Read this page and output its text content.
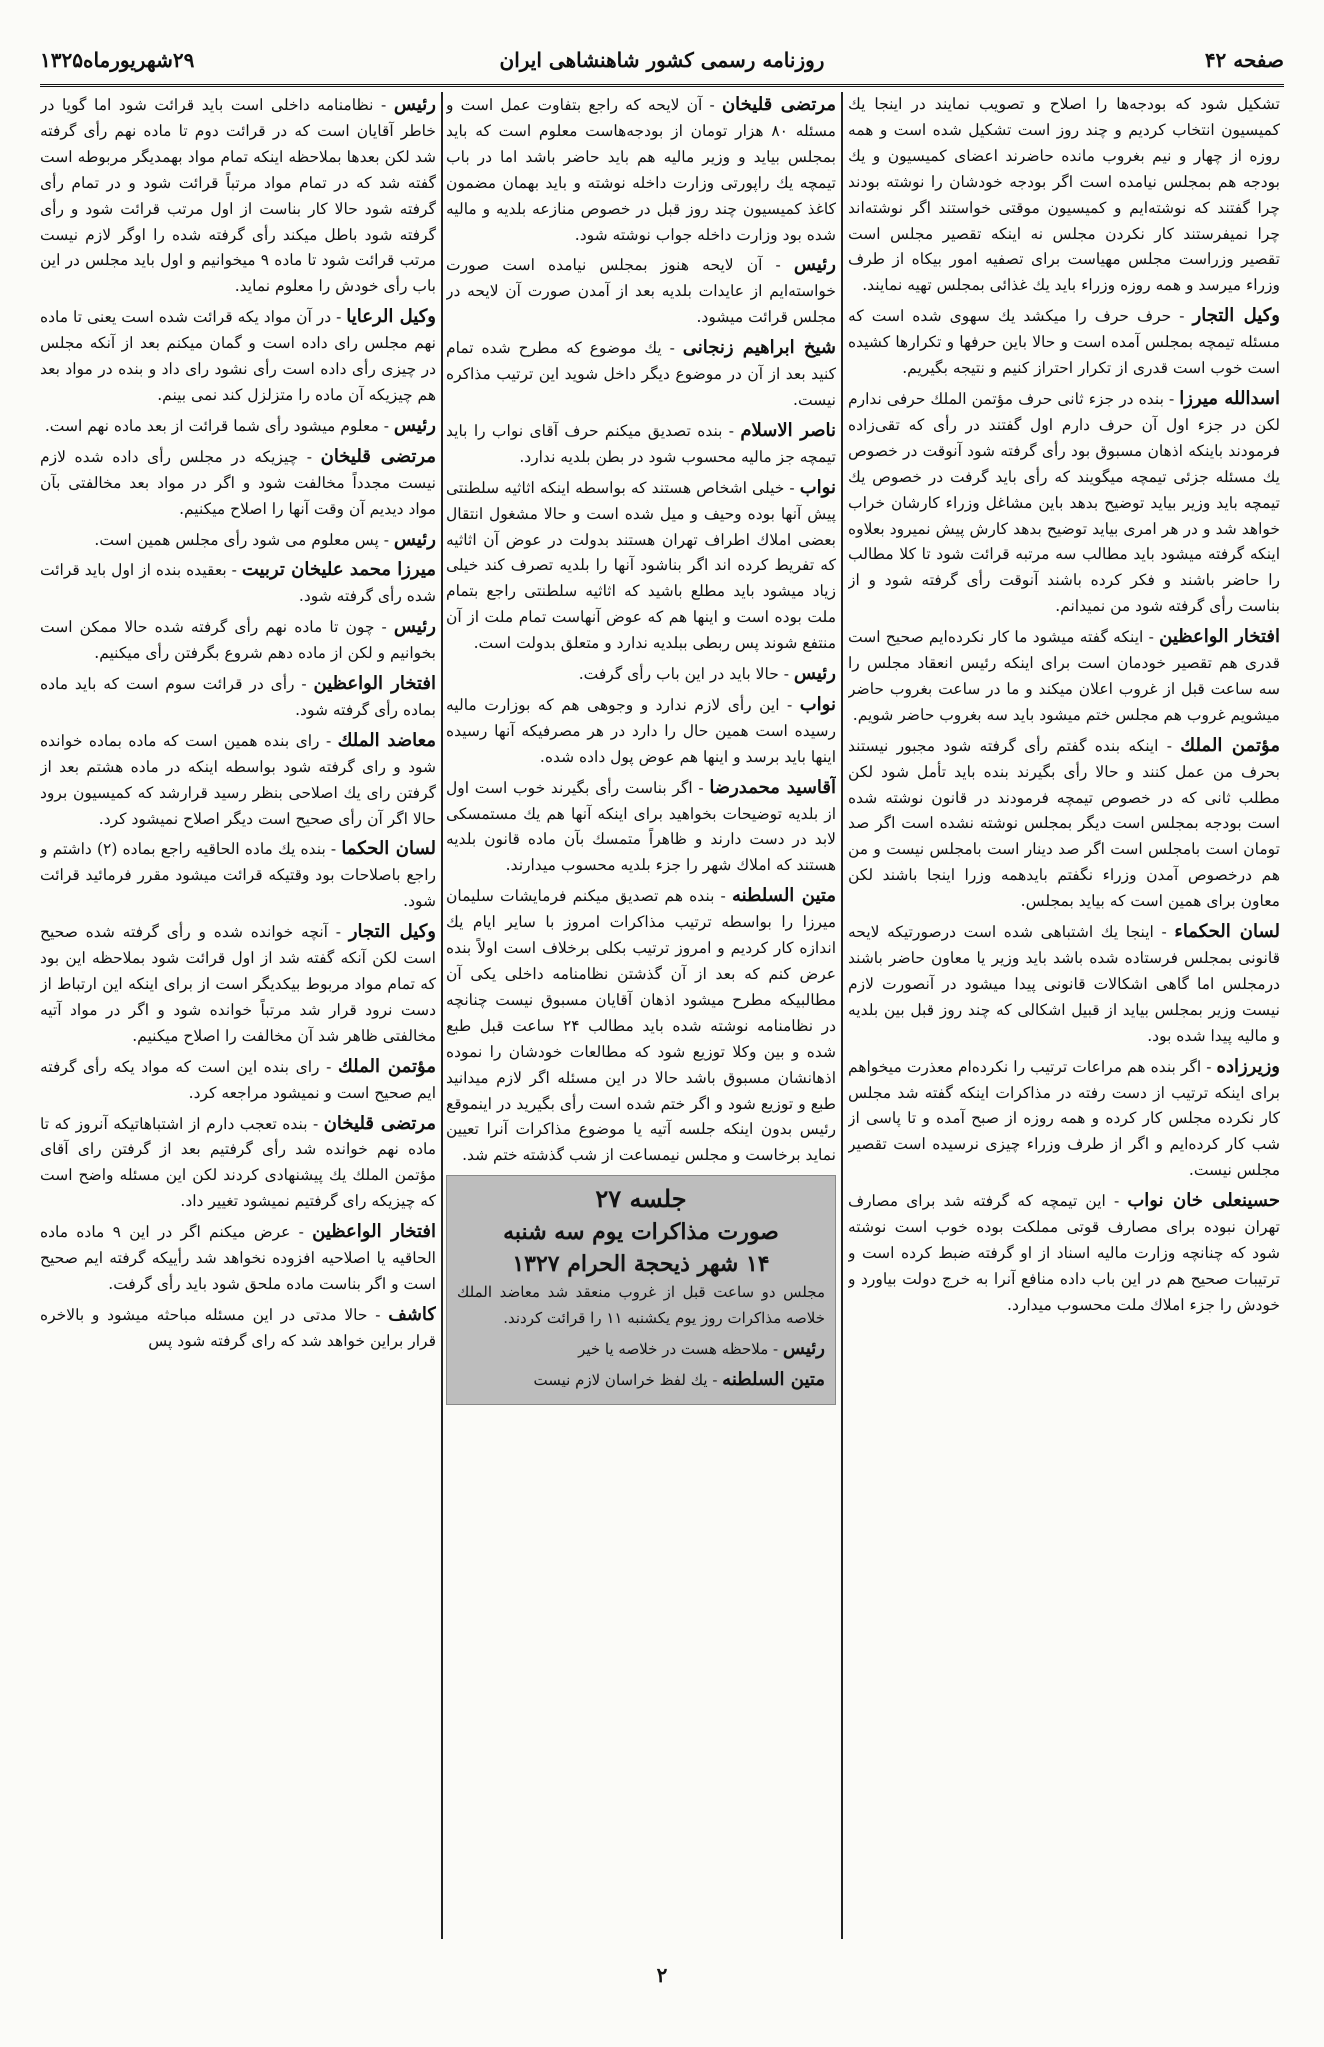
صفحه ۴۲
روزنامه رسمی کشور شاهنشاهی ایران
۲۹شهریورماه۱۳۲۵

تشکیل شود که بودجه‌ها را اصلاح و تصویب نمایند در اینجا یك کمیسیون انتخاب کردیم و چند روز است تشکیل شده است و همه روزه از چهار و نیم بغروب مانده حاضرند اعضای کمیسیون و یك بودجه هم بمجلس نیامده است اگر بودجه خودشان را نوشته بودند چرا گفتند که نوشته‌ایم و کمیسیون موقتی خواستند اگر نوشته‌اند چرا نمیفرستند کار نکردن مجلس نه اینکه تقصیر مجلس است تقصیر وزراست مجلس مهیاست برای تصفیه امور بیکاه از طرف وزراء میرسد و همه روزه وزراء باید یك غذائی بمجلس تهیه نمایند.

وکیل التجار - حرف حرف را میکشد یك سهوی شده است که مسئله تیمچه بمجلس آمده است و حالا باین حرفها و تکرارها کشیده است خوب است قدری از تکرار احتراز کنیم و نتیجه بگیریم.

اسدالله میرزا - بنده در جزء ثانی حرف مؤتمن الملك حرفی ندارم لکن در جزء اول آن حرف دارم اول گفتند در رأی که تقی‌زاده فرمودند باینکه اذهان مسبوق بود رأی گرفته شود آنوقت در خصوص یك مسئله جزئی تیمچه میگویند که رأی باید گرفت در خصوص یك تیمچه باید وزیر بیاید توضیح بدهد باین مشاغل وزراء کارشان خراب خواهد شد و در هر امری بیاید توضیح بدهد کارش پیش نمیرود بعلاوه اینکه گرفته میشود باید مطالب سه مرتبه قرائت شود تا کلا مطالب را حاضر باشند و فکر کرده باشند آنوقت رأی گرفته شود و از بناست رأی گرفته شود من نمیدانم.

افتخار الواعظین - اینکه گفته میشود ما کار نکرده‌ایم صحیح است قدری هم تقصیر خودمان است برای اینکه رئیس انعقاد مجلس را سه ساعت قبل از غروب اعلان میکند و ما در ساعت بغروب حاضر میشویم غروب هم مجلس ختم میشود باید سه بغروب حاضر شویم.

مؤتمن الملك - اینکه بنده گفتم رأی گرفته شود مجبور نیستند بحرف من عمل کنند و حالا رأی بگیرند بنده باید تأمل شود لکن مطلب ثانی که در خصوص تیمچه فرمودند در قانون نوشته شده است بودجه بمجلس است دیگر بمجلس نوشته نشده است اگر صد تومان است بامجلس است اگر صد دینار است بامجلس نیست و من هم درخصوص آمدن وزراء نگفتم بایدهمه وزرا اینجا باشند لکن معاون برای همین است که بیاید بمجلس.

لسان الحکماء - اینجا یك اشتباهی شده است درصورتیکه لایحه قانونی بمجلس فرستاده شده باشد باید وزیر یا معاون حاضر باشند درمجلس اما گاهی اشکالات قانونی پیدا میشود در آنصورت لازم نیست وزیر بمجلس بیاید از قبیل اشکالی که چند روز قبل بین بلدیه و مالیه پیدا شده بود.

وزیرزاده - اگر بنده هم مراعات ترتیب را نکرده‌ام معذرت میخواهم برای اینکه ترتیب از دست رفته در مذاکرات اینکه گفته شد مجلس کار نکرده مجلس کار کرده و همه روزه از صبح آمده و تا پاسی از شب کار کرده‌ایم و اگر از طرف وزراء چیزی نرسیده است تقصیر مجلس نیست.

حسینعلی خان نواب - این تیمچه که گرفته شد برای مصارف تهران نبوده برای مصارف قوتی مملکت بوده خوب است نوشته شود که چنانچه وزارت مالیه اسناد از او گرفته ضبط کرده است و ترتیبات صحیح هم در این باب داده منافع آنرا به خرج دولت بیاورد و خودش را جزء املاك ملت محسوب میدارد.

مرتضی قلیخان - آن لایحه که راجع بتفاوت عمل است و مسئله ۸۰ هزار تومان از بودجه‌هاست معلوم است که باید بمجلس بیاید و وزیر مالیه هم باید حاضر باشد اما در باب تیمچه یك راپورتی وزارت داخله نوشته و باید بهمان مضمون کاغذ کمیسیون چند روز قبل در خصوص منازعه بلدیه و مالیه شده بود وزارت داخله جواب نوشته شود.

رئیس - آن لایحه هنوز بمجلس نیامده است صورت خواسته‌ایم از عایدات بلدیه بعد از آمدن صورت آن لایحه در مجلس قرائت میشود.

شیخ ابراهیم زنجانی - یك موضوع که مطرح شده تمام کنید بعد از آن در موضوع دیگر داخل شوید این ترتیب مذاکره نیست.

ناصر الاسلام - بنده تصدیق میکنم حرف آقای نواب را باید تیمچه جز مالیه محسوب شود در بطن بلدیه ندارد.

نواب - خیلی اشخاص هستند که بواسطه اینکه اثاثیه سلطنتی پیش آنها بوده وحیف و میل شده است و حالا مشغول انتقال بعضی املاك اطراف تهران هستند بدولت در عوض آن اثاثیه که تفریط کرده اند اگر بناشود آنها را بلدیه تصرف کند خیلی زیاد میشود باید مطلع باشید که اثاثیه سلطنتی راجع بتمام ملت بوده است و اینها هم که عوض آنهاست تمام ملت از آن منتفع شوند پس ربطی ببلدیه ندارد و متعلق بدولت است.

رئیس - حالا باید در این باب رأی گرفت.

نواب - این رأی لازم ندارد و وجوهی هم که بوزارت مالیه رسیده است همین حال را دارد در هر مصرفیکه آنها رسیده اینها باید برسد و اینها هم عوض پول داده شده.

آقاسید محمدرضا - اگر بناست رأی بگیرند خوب است اول از بلدیه توضیحات بخواهید برای اینکه آنها هم یك مستمسکی لابد در دست دارند و ظاهراً متمسك بآن ماده قانون بلدیه هستند که املاك شهر را جزء بلدیه محسوب میدارند.

متین السلطنه - بنده هم تصدیق میکنم فرمایشات سلیمان میرزا را بواسطه ترتیب مذاکرات امروز با سایر ایام یك اندازه کار کردیم و امروز ترتیب بکلی برخلاف است اولاً بنده عرض کنم که بعد از آن گذشتن نظامنامه داخلی یکی آن مطالبیکه مطرح میشود اذهان آقایان مسبوق نیست چنانچه در نظامنامه نوشته شده باید مطالب ۲۴ ساعت قبل طبع شده و بین وکلا توزیع شود که مطالعات خودشان را نموده اذهانشان مسبوق باشد حالا در این مسئله اگر لازم میدانید طبع و توزیع شود و اگر ختم شده است رأی بگیرید در اینموقع رئیس بدون اینکه جلسه آتیه یا موضوع مذاکرات آنرا تعیین نماید برخاست و مجلس نیمساعت از شب گذشته ختم شد.

جلسه ۲۷
صورت مذاکرات یوم سه شنبه
۱۴ شهر ذیحجة الحرام ۱۳۲۷

مجلس دو ساعت قبل از غروب منعقد شد معاضد الملك خلاصه مذاکرات روز یوم یکشنبه ۱۱ را قرائت کردند.

رئیس - ملاحظه هست در خلاصه یا خیر

متین السلطنه - یك لفظ خراسان لازم نیست

رئیس - نظامنامه داخلی است باید قرائت شود اما گویا در خاطر آقایان است که در قرائت دوم تا ماده نهم رأی گرفته شد لکن بعدها بملاحظه اینکه تمام مواد بهمدیگر مربوطه است گفته شد که در تمام مواد مرتباً قرائت شود و در تمام رأی گرفته شود حالا کار بناست از اول مرتب قرائت شود و رأی گرفته شود باطل میکند رأی گرفته شده را اوگر لازم نیست مرتب قرائت شود تا ماده ۹ میخوانیم و اول باید مجلس در این باب رأی خودش را معلوم نماید.

وکیل الرعایا - در آن مواد یکه قرائت شده است یعنی تا ماده نهم مجلس رای داده است و گمان میکنم بعد از آنکه مجلس در چیزی رأی داده است رأی نشود رای داد و بنده در مواد بعد هم چیزیکه آن ماده را متزلزل کند نمی بینم.

رئیس - معلوم میشود رأی شما قرائت از بعد ماده نهم است.

مرتضی قلیخان - چیزیکه در مجلس رأی داده شده لازم نیست مجدداً مخالفت شود و اگر در مواد بعد مخالفتی بآن مواد دیدیم آن وقت آنها را اصلاح میکنیم.

رئیس - پس معلوم می شود رأی مجلس همین است.

میرزا محمد علیخان تربیت - بعقیده بنده از اول باید قرائت شده رأی گرفته شود.

رئیس - چون تا ماده نهم رأی گرفته شده حالا ممکن است بخوانیم و لکن از ماده دهم شروع بگرفتن رأی میکنیم.

افتخار الواعظین - رأی در قرائت سوم است که باید ماده بماده رأی گرفته شود.

معاضد الملك - رای بنده همین است که ماده بماده خوانده شود و رای گرفته شود بواسطه اینکه در ماده هشتم بعد از گرفتن رای یك اصلاحی بنظر رسید قرارشد که کمیسیون برود حالا اگر آن رأی صحیح است دیگر اصلاح نمیشود کرد.

لسان الحکما - بنده یك ماده الحاقیه راجع بماده (۲) داشتم و راجع باصلاحات بود وقتیکه قرائت میشود مقرر فرمائید قرائت شود.

وکیل التجار - آنچه خوانده شده و رأی گرفته شده صحیح است لکن آنکه گفته شد از اول قرائت شود بملاحظه این بود که تمام مواد مربوط بیکدیگر است از برای اینکه این ارتباط از دست نرود قرار شد مرتباً خوانده شود و اگر در مواد آتیه مخالفتی ظاهر شد آن مخالفت را اصلاح میکنیم.

مؤتمن الملك - رای بنده این است که مواد یکه رأی گرفته ایم صحیح است و نمیشود مراجعه کرد.

مرتضی قلیخان - بنده تعجب دارم از اشتباهاتیکه آنروز که تا ماده نهم خوانده شد رأی گرفتیم بعد از گرفتن رای آقای مؤتمن الملك یك پیشنهادی کردند لکن این مسئله واضح است که چیزیکه رای گرفتیم نمیشود تغییر داد.

افتخار الواعظین - عرض میکنم اگر در این ۹ ماده ماده الحاقیه یا اصلاحیه افزوده نخواهد شد رأییکه گرفته ایم صحیح است و اگر بناست ماده ملحق شود باید رأی گرفت.

کاشف - حالا مدتی در این مسئله مباحثه میشود و بالاخره قرار براین خواهد شد که رای گرفته شود پس

۲
